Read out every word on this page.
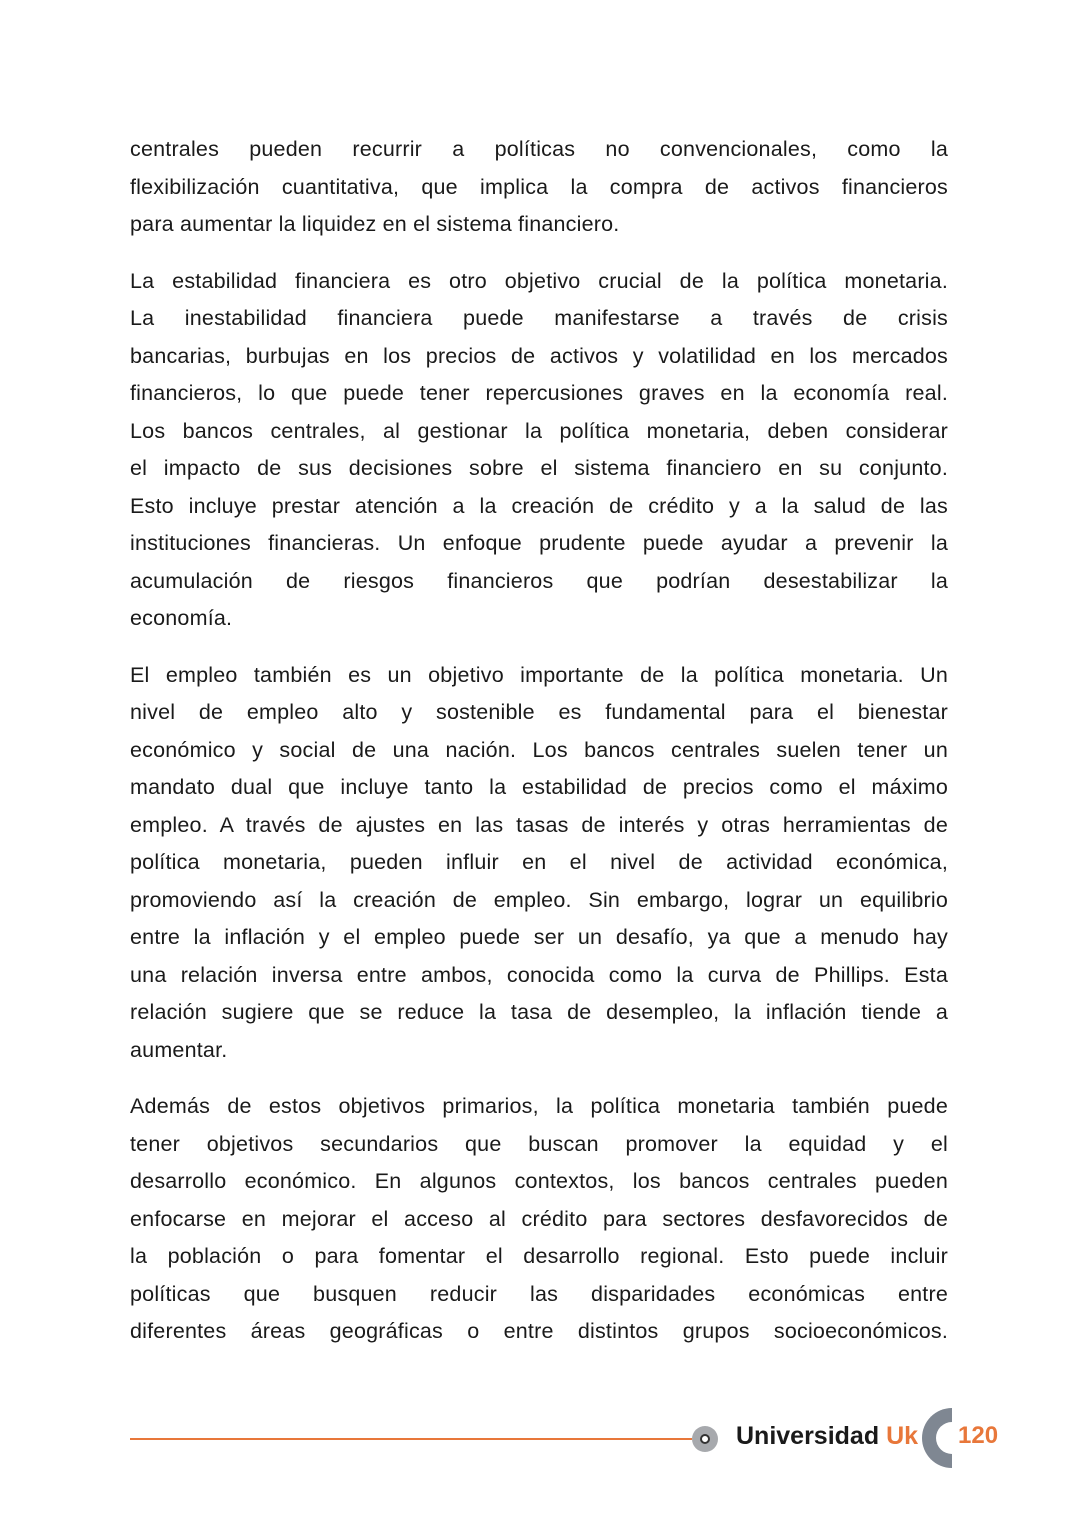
centrales pueden recurrir a políticas no convencionales, como la
flexibilización cuantitativa, que implica la compra de activos financieros
para aumentar la liquidez en el sistema financiero.
La estabilidad financiera es otro objetivo crucial de la política monetaria.
La inestabilidad financiera puede manifestarse a través de crisis
bancarias, burbujas en los precios de activos y volatilidad en los mercados
financieros, lo que puede tener repercusiones graves en la economía real.
Los bancos centrales, al gestionar la política monetaria, deben considerar
el impacto de sus decisiones sobre el sistema financiero en su conjunto.
Esto incluye prestar atención a la creación de crédito y a la salud de las
instituciones financieras. Un enfoque prudente puede ayudar a prevenir la
acumulación de riesgos financieros que podrían desestabilizar la
economía.
El empleo también es un objetivo importante de la política monetaria. Un
nivel de empleo alto y sostenible es fundamental para el bienestar
económico y social de una nación. Los bancos centrales suelen tener un
mandato dual que incluye tanto la estabilidad de precios como el máximo
empleo. A través de ajustes en las tasas de interés y otras herramientas de
política monetaria, pueden influir en el nivel de actividad económica,
promoviendo así la creación de empleo. Sin embargo, lograr un equilibrio
entre la inflación y el empleo puede ser un desafío, ya que a menudo hay
una relación inversa entre ambos, conocida como la curva de Phillips. Esta
relación sugiere que se reduce la tasa de desempleo, la inflación tiende a
aumentar.
Además de estos objetivos primarios, la política monetaria también puede
tener objetivos secundarios que buscan promover la equidad y el
desarrollo económico. En algunos contextos, los bancos centrales pueden
enfocarse en mejorar el acceso al crédito para sectores desfavorecidos de
la población o para fomentar el desarrollo regional. Esto puede incluir
políticas que busquen reducir las disparidades económicas entre
diferentes áreas geográficas o entre distintos grupos socioeconómicos.
Universidad Uk 120
